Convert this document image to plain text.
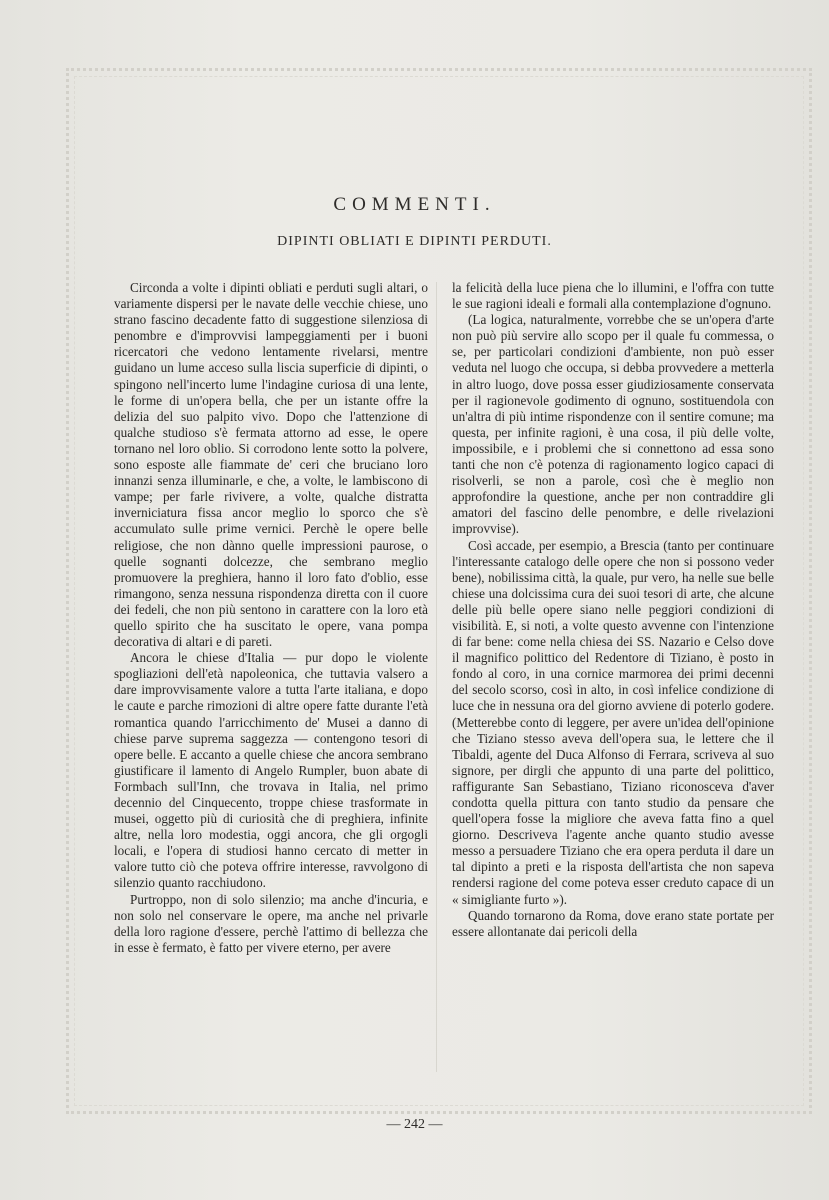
COMMENTI.
DIPINTI OBLIATI E DIPINTI PERDUTI.

Circonda a volte i dipinti obliati e perduti sugli altari, o variamente dispersi per le navate delle vecchie chiese, uno strano fascino decadente fatto di suggestione silenziosa di penombre e d'improvvisi lampeggiamenti per i buoni ricercatori che vedono lentamente rivelarsi, mentre guidano un lume acceso sulla liscia superficie di dipinti, o spingono nell'incerto lume l'indagine curiosa di una lente, le forme di un'opera bella, che per un istante offre la delizia del suo palpito vivo. Dopo che l'attenzione di qualche studioso s'è fermata attorno ad esse, le opere tornano nel loro oblio. Si corrodono lente sotto la polvere, sono esposte alle fiammate de' ceri che bruciano loro innanzi senza illuminarle, e che, a volte, le lambiscono di vampe; per farle rivivere, a volte, qualche distratta inverniciatura fissa ancor meglio lo sporco che s'è accumulato sulle prime vernici. Perchè le opere belle religiose, che non dànno quelle impressioni paurose, o quelle sognanti dolcezze, che sembrano meglio promuovere la preghiera, hanno il loro fato d'oblio, esse rimangono, senza nessuna rispondenza diretta con il cuore dei fedeli, che non più sentono in carattere con la loro età quello spirito che ha suscitato le opere, vana pompa decorativa di altari e di pareti.

Ancora le chiese d'Italia — pur dopo le violente spogliazioni dell'età napoleonica, che tuttavia valsero a dare improvvisamente valore a tutta l'arte italiana, e dopo le caute e parche rimozioni di altre opere fatte durante l'età romantica quando l'arricchimento de' Musei a danno di chiese parve suprema saggezza — contengono tesori di opere belle. E accanto a quelle chiese che ancora sembrano giustificare il lamento di Angelo Rumpler, buon abate di Formbach sull'Inn, che trovava in Italia, nel primo decennio del Cinquecento, troppe chiese trasformate in musei, oggetto più di curiosità che di preghiera, infinite altre, nella loro modestia, oggi ancora, che gli orgogli locali, e l'opera di studiosi hanno cercato di metter in valore tutto ciò che poteva offrire interesse, ravvolgono di silenzio quanto racchiudono.

Purtroppo, non di solo silenzio; ma anche d'incuria, e non solo nel conservare le opere, ma anche nel privarle della loro ragione d'essere, perchè l'attimo di bellezza che in esse è fermato, è fatto per vivere eterno, per avere

la felicità della luce piena che lo illumini, e l'offra con tutte le sue ragioni ideali e formali alla contemplazione d'ognuno.

(La logica, naturalmente, vorrebbe che se un'opera d'arte non può più servire allo scopo per il quale fu commessa, o se, per particolari condizioni d'ambiente, non può esser veduta nel luogo che occupa, si debba provvedere a metterla in altro luogo, dove possa esser giudiziosamente conservata per il ragionevole godimento di ognuno, sostituendola con un'altra di più intime rispondenze con il sentire comune; ma questa, per infinite ragioni, è una cosa, il più delle volte, impossibile, e i problemi che si connettono ad essa sono tanti che non c'è potenza di ragionamento logico capaci di risolverli, se non a parole, così che è meglio non approfondire la questione, anche per non contraddire gli amatori del fascino delle penombre, e delle rivelazioni improvvise).

Così accade, per esempio, a Brescia (tanto per continuare l'interessante catalogo delle opere che non si possono veder bene), nobilissima città, la quale, pur vero, ha nelle sue belle chiese una dolcissima cura dei suoi tesori di arte, che alcune delle più belle opere siano nelle peggiori condizioni di visibilità. E, si noti, a volte questo avvenne con l'intenzione di far bene: come nella chiesa dei SS. Nazario e Celso dove il magnifico polittico del Redentore di Tiziano, è posto in fondo al coro, in una cornice marmorea dei primi decenni del secolo scorso, così in alto, in così infelice condizione di luce che in nessuna ora del giorno avviene di poterlo godere. (Metterebbe conto di leggere, per avere un'idea dell'opinione che Tiziano stesso aveva dell'opera sua, le lettere che il Tibaldi, agente del Duca Alfonso di Ferrara, scriveva al suo signore, per dirgli che appunto di una parte del polittico, raffigurante San Sebastiano, Tiziano riconosceva d'aver condotta quella pittura con tanto studio da pensare che quell'opera fosse la migliore che aveva fatta fino a quel giorno. Descriveva l'agente anche quanto studio avesse messo a persuadere Tiziano che era opera perduta il dare un tal dipinto a preti e la risposta dell'artista che non sapeva rendersi ragione del come poteva esser creduto capace di un « simigliante furto »).

Quando tornarono da Roma, dove erano state portate per essere allontanate dai pericoli della

— 242 —
